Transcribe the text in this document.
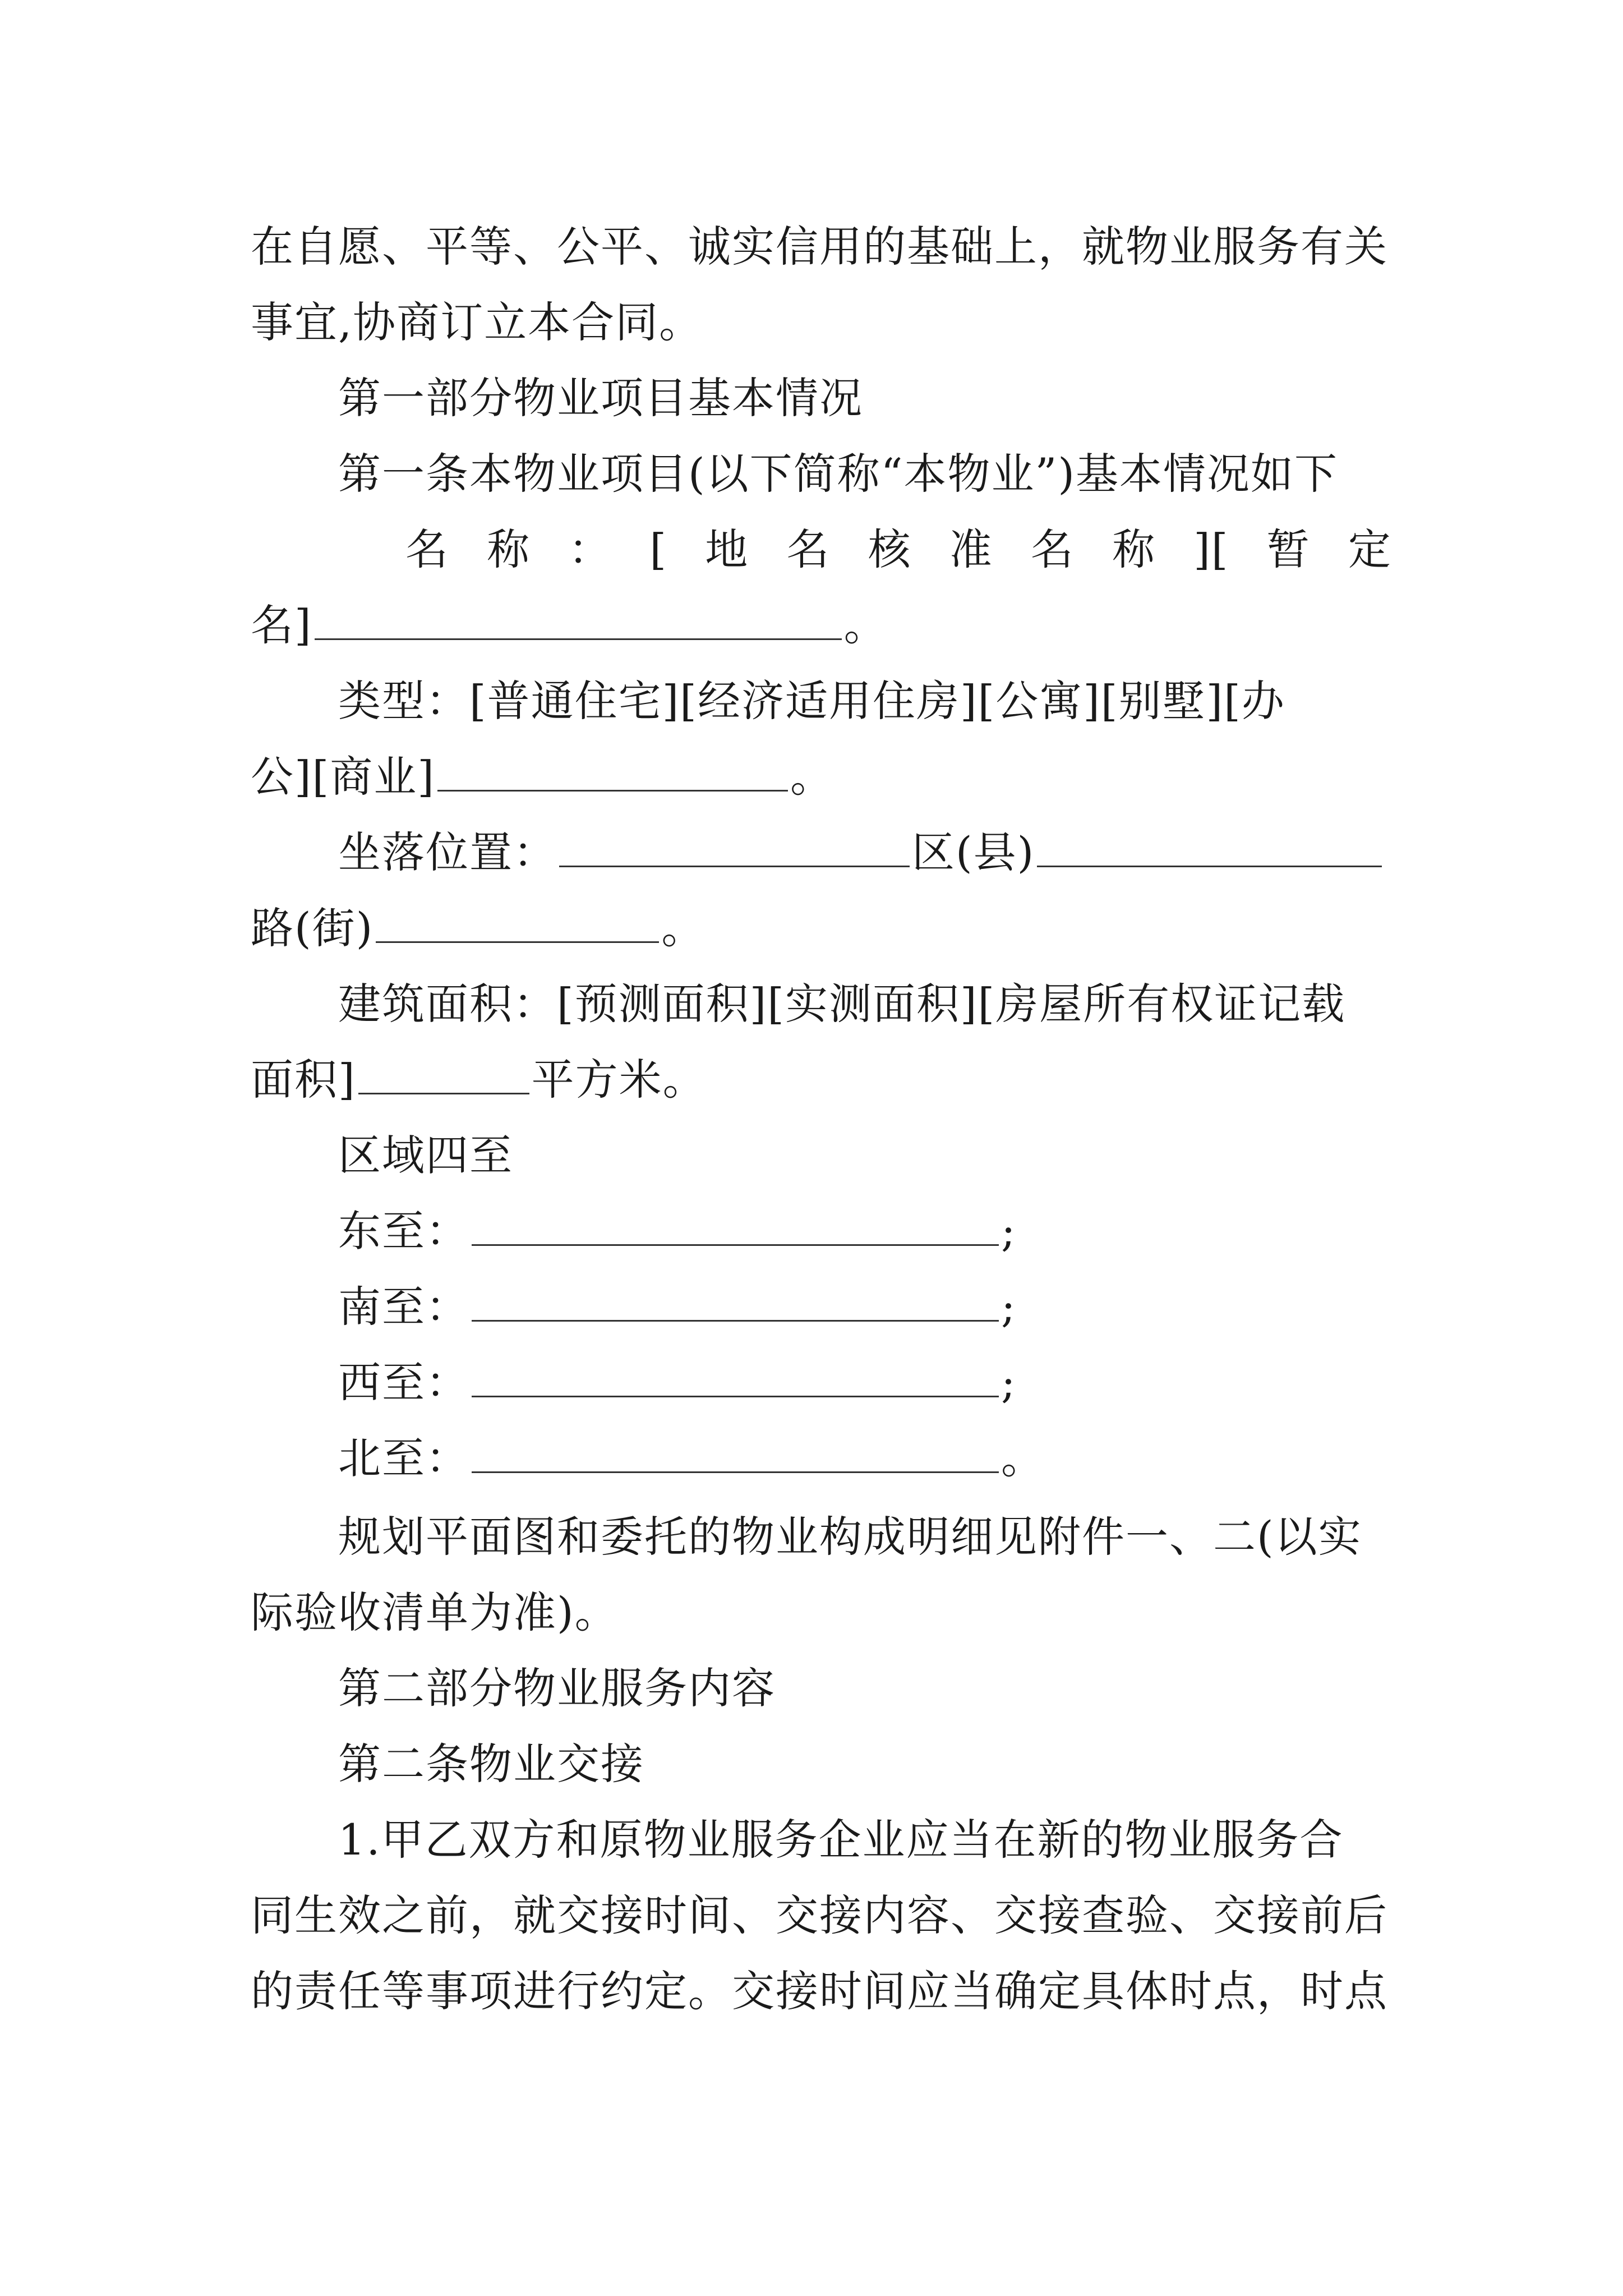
在自愿、平等、公平、诚实信用的基础上，就物业服务有关
事宜,协商订立本合同。
第一部分物业项目基本情况
第一条本物业项目(以下简称“本物业”)基本情况如下
名 称 ： [ 地 名 核 准 名 称 ][ 暂 定
名]	。
类型：[普通住宅][经济适用住房][公寓][别墅][办
公][商业]	。
坐落位置：	区(县)
路(街)	。
建筑面积：[预测面积][实测面积][房屋所有权证记载
面积]	平方米。
区域四至
东至：	;
南至：	;
西至：	;
北至：	。
规划平面图和委托的物业构成明细见附件一、二(以实
际验收清单为准)。
第二部分物业服务内容
第二条物业交接
1.甲乙双方和原物业服务企业应当在新的物业服务合
同生效之前，就交接时间、交接内容、交接查验、交接前后
的责任等事项进行约定。交接时间应当确定具体时点，时点
